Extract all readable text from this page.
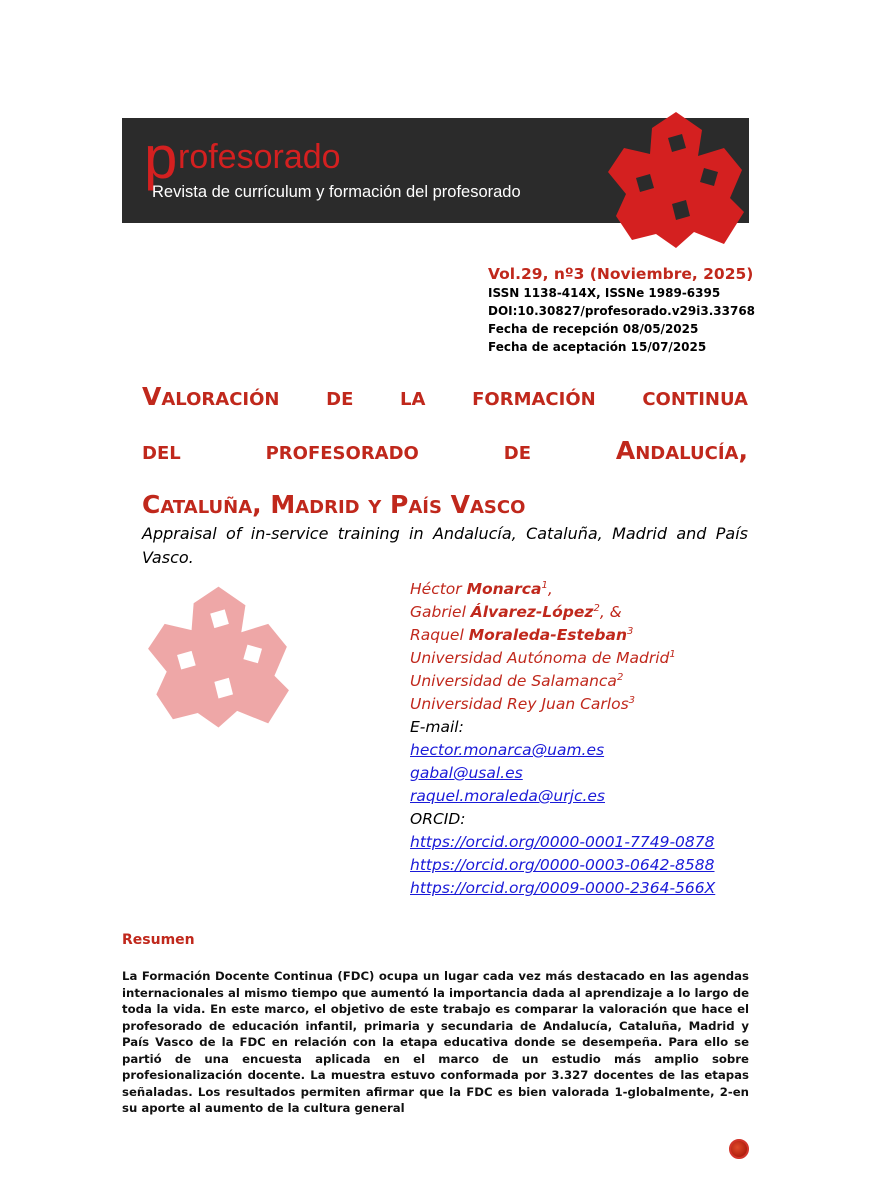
p rofesorado
Revista de currículum y formación del profesorado
Vol.29, nº3 (Noviembre, 2025)
ISSN 1138-414X, ISSNe 1989-6395
DOI:10.30827/profesorado.v29i3.33768
Fecha de recepción 08/05/2025
Fecha de aceptación 15/07/2025
Valoración de la formación continua
del	profesorado	de	Andalucía,
Cataluña, Madrid y País Vasco
Appraisal of in-service training in Andalucía, Cataluña, Madrid and País Vasco.
Héctor Monarca$^1$,
Gabriel Álvarez-López$^2$, &
Raquel Moraleda-Esteban$^3$
Universidad Autónoma de Madrid$^1$
Universidad de Salamanca$^2$
Universidad Rey Juan Carlos$^3$
E-mail:
hector.monarca@uam.es
gabal@usal.es
raquel.moraleda@urjc.es
ORCID:
https://orcid.org/0000-0001-7749-0878
https://orcid.org/0000-0003-0642-8588
https://orcid.org/0009-0000-2364-566X
Resumen
La Formación Docente Continua (FDC) ocupa un lugar cada vez más destacado en las agendas internacionales al mismo tiempo que aumentó la importancia dada al aprendizaje a lo largo de toda la vida. En este marco, el objetivo de este trabajo es comparar la valoración que hace el profesorado de educación infantil, primaria y secundaria de Andalucía, Cataluña, Madrid y País Vasco de la FDC en relación con la etapa educativa donde se desempeña. Para ello se partió de una encuesta aplicada en el marco de un estudio más amplio sobre profesionalización docente. La muestra estuvo conformada por 3.327 docentes de las etapas señaladas. Los resultados permiten afirmar que la FDC es bien valorada 1-globalmente, 2-en su aporte al aumento de la cultura general
